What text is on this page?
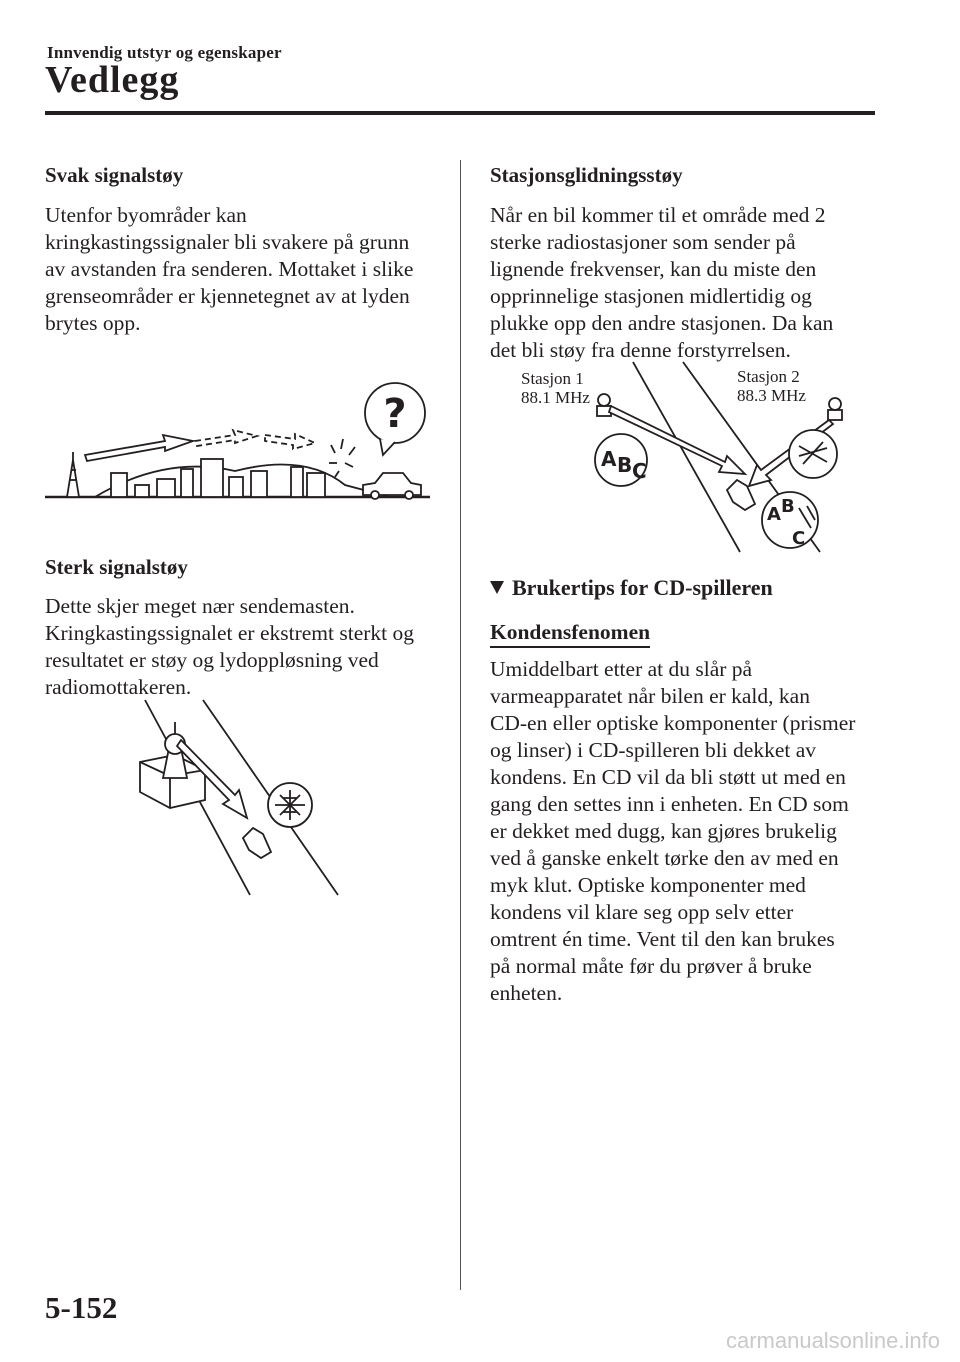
Innvendig utstyr og egenskaper
Vedlegg
Svak signalstøy

Utenfor byområder kan

kringkastingssignaler bli svakere på grunn

av avstanden fra senderen. Mottaket i slike

grenseområder er kjennetegnet av at lyden

brytes opp.

?
Sterk signalstøy

Dette skjer meget nær sendemasten.

Kringkastingssignalet er ekstremt sterkt og

resultatet er støy og lydoppløsning ved

radiomottakeren.

Stasjonsglidningsstøy

Når en bil kommer til et område med 2

sterke radiostasjoner som sender på

lignende frekvenser, kan du miste den

opprinnelige stasjonen midlertidig og

plukke opp den andre stasjonen. Da kan

det bli støy fra denne forstyrrelsen.

Stasjon 1
88.1 MHz
Stasjon 2
88.3 MHz
A B C
A B
C
Brukertips for CD-spilleren
Kondensfenomen

Umiddelbart etter at du slår på

varmeapparatet når bilen er kald, kan

CD-en eller optiske komponenter (prismer

og linser) i CD-spilleren bli dekket av

kondens. En CD vil da bli støtt ut med en

gang den settes inn i enheten. En CD som

er dekket med dugg, kan gjøres brukelig

ved å ganske enkelt tørke den av med en

myk klut. Optiske komponenter med

kondens vil klare seg opp selv etter

omtrent én time. Vent til den kan brukes

på normal måte før du prøver å bruke

enheten.

5-152
carmanualsonline.info
